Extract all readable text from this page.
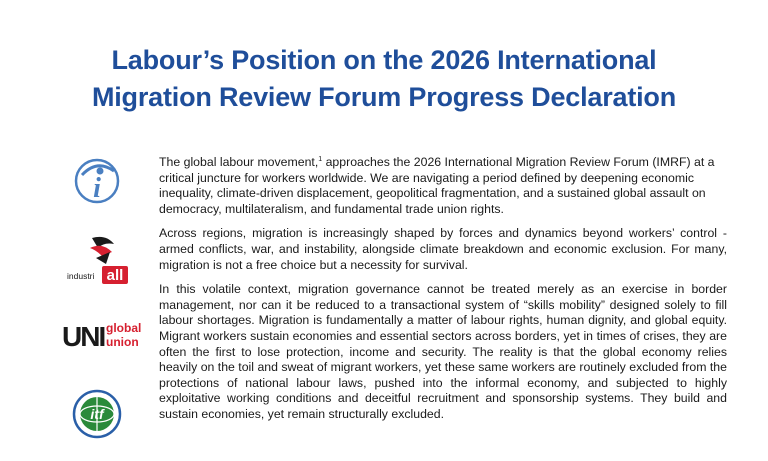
Labour’s Position on the 2026 International
Migration Review Forum Progress Declaration
i
industri all
UNI global
union
itf

The global labour movement,$^1$ approaches the 2026 International Migration Review Forum (IMRF) at a critical juncture for workers worldwide. We are navigating a period defined by deepening economic inequality, climate-driven displacement, geopolitical fragmentation, and a sustained global assault on democracy, multilateralism, and fundamental trade union rights.

Across regions, migration is increasingly shaped by forces and dynamics beyond workers’ control - armed conflicts, war, and instability, alongside climate breakdown and economic exclusion. For many, migration is not a free choice but a necessity for survival.

In this volatile context, migration governance cannot be treated merely as an exercise in border management, nor can it be reduced to a transactional system of “skills mobility” designed solely to fill labour shortages. Migration is fundamentally a matter of labour rights, human dignity, and global equity. Migrant workers sustain economies and essential sectors across borders, yet in times of crises, they are often the first to lose protection, income and security. The reality is that the global economy relies heavily on the toil and sweat of migrant workers, yet these same workers are routinely excluded from the protections of national labour laws, pushed into the informal economy, and subjected to highly exploitative working conditions and deceitful recruitment and sponsorship systems. They build and sustain economies, yet remain structurally excluded.
